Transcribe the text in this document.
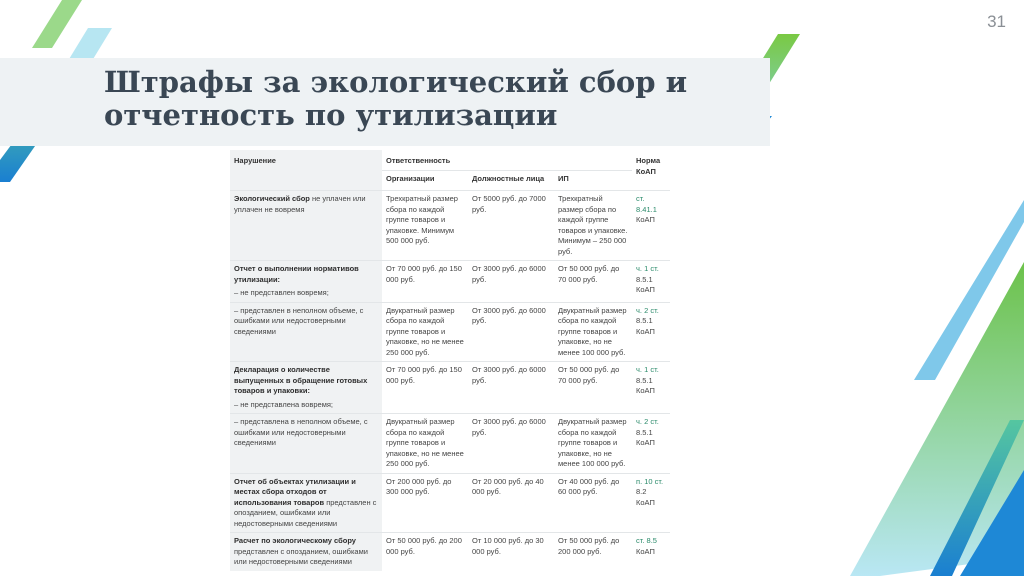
31
Штрафы за экологический сбор и
отчетность по утилизации
Нарушение	Ответственность			Норма КоАП
	Организации	Должностные лица	ИП	
Экологический сбор не уплачен или уплачен не вовремя	Трехкратный размер сбора по каждой группе товаров и упаковке. Минимум 500 000 руб.	От 5000 руб. до 7000 руб.	Трехкратный размер сбора по каждой группе товаров и упаковке. Минимум – 250 000 руб.	ст. 8.41.1 КоАП
Отчет о выполнении нормативов утилизации:
– не представлен вовремя;	От 70 000 руб. до 150 000 руб.	От 3000 руб. до 6000 руб.	От 50 000 руб. до 70 000 руб.	ч. 1 ст. 8.5.1 КоАП
– представлен в неполном объеме, с ошибками или недостоверными сведениями	Двукратный размер сбора по каждой группе товаров и упаковке, но не менее 250 000 руб.	От 3000 руб. до 6000 руб.	Двукратный размер сбора по каждой группе товаров и упаковке, но не менее 100 000 руб.	ч. 2 ст. 8.5.1 КоАП
Декларация о количестве выпущенных в обращение готовых товаров и упаковки:
– не представлена вовремя;	От 70 000 руб. до 150 000 руб.	От 3000 руб. до 6000 руб.	От 50 000 руб. до 70 000 руб.	ч. 1 ст. 8.5.1 КоАП
– представлена в неполном объеме, с ошибками или недостоверными сведениями	Двукратный размер сбора по каждой группе товаров и упаковке, но не менее 250 000 руб.	От 3000 руб. до 6000 руб.	Двукратный размер сбора по каждой группе товаров и упаковке, но не менее 100 000 руб.	ч. 2 ст. 8.5.1 КоАП
Отчет об объектах утилизации и местах сбора отходов от использования товаров представлен с опозданием, ошибками или недостоверными сведениями	От 200 000 руб. до 300 000 руб.	От 20 000 руб. до 40 000 руб.	От 40 000 руб. до 60 000 руб.	п. 10 ст. 8.2 КоАП
Расчет по экологическому сбору представлен с опозданием, ошибками или недостоверными сведениями	От 50 000 руб. до 200 000 руб.	От 10 000 руб. до 30 000 руб.	От 50 000 руб. до 200 000 руб.	ст. 8.5 КоАП
